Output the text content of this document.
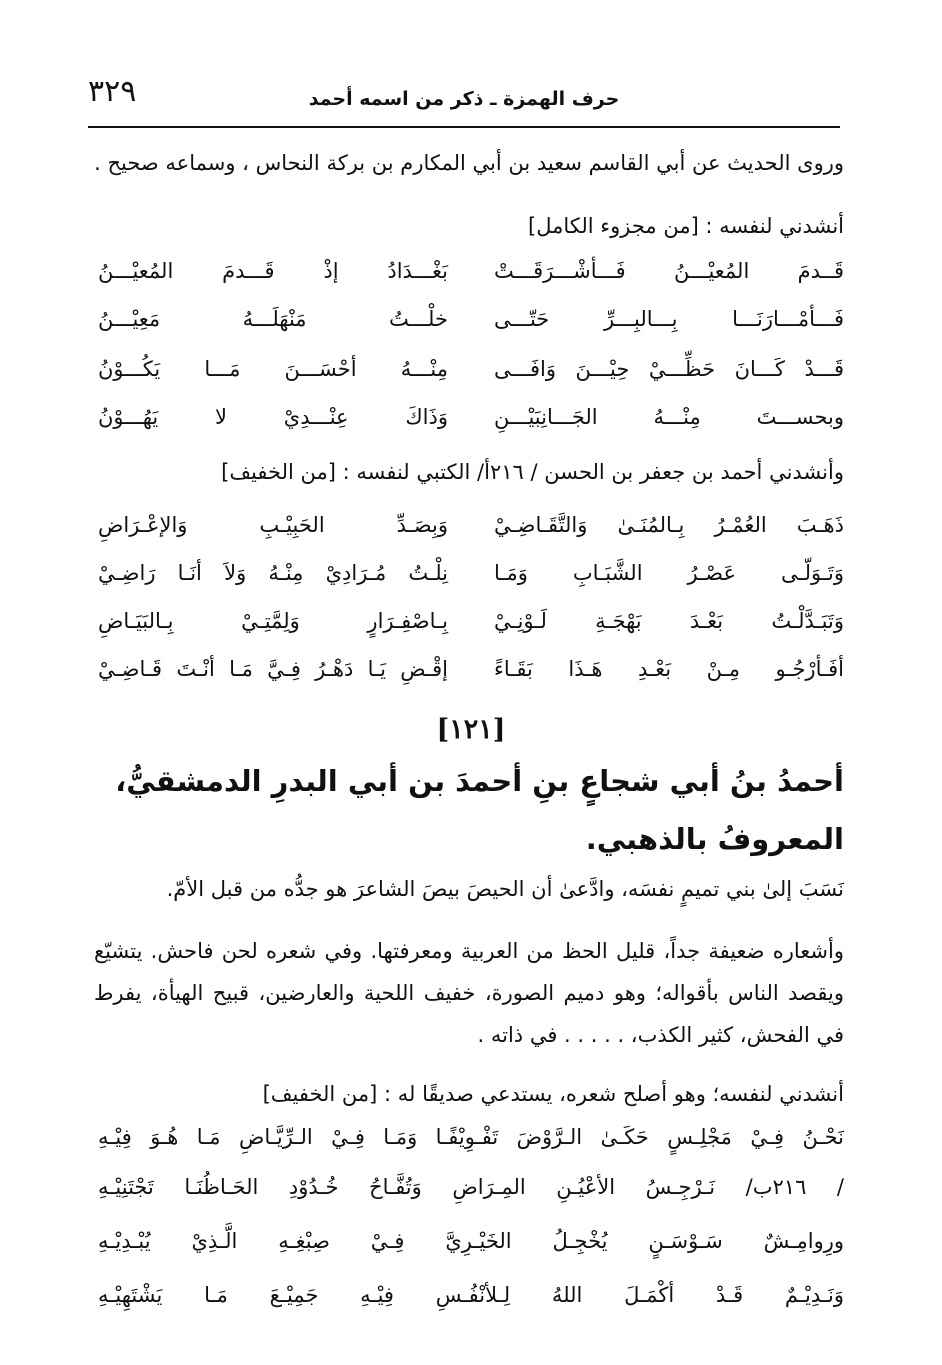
٣٢٩	حرف الهمزة ـ ذكر من اسمه أحمد
وروى الحديث عن أبي القاسم سعيد بن أبي المكارم بن بركة النحاس ، وسماعه صحيح .
أنشدني لنفسه : [من مجزوء الكامل]
قَــدمَ المُعيْـــنُ فَـــأشْـــرَقَـــتْ
بَغْـــدَادُ إذْ قَـــدمَ المُعيْـــنُ
فَـــأمْـــارَنَـــا بِـــالبِـــرِّ حَتّـــى
خلْـــتُ مَنْهَلَـــهُ مَعِيْـــنُ
قَـــدْ كَـــانَ حَظِّـــيْ حِيْـــنَ وَافَـــى
مِنْـــهُ أحْسَـــنَ مَـــا يَكُـــوْنُ
وبحســـتَ مِنْـــهُ الجَـــانِبَيْـــنِ
وَذَاكَ عِنْـــدِيْ لا يَهُـــوْنُ
وأنشدني أحمد بن جعفر بن الحسن / ٢١٦أ/ الكتبي لنفسه : [من الخفيف]
ذَهَـبَ العُمْـرُ بِـالمُنَـىٰ وَالتَّقَـاضِـيْ
وَبِصَـدِّ الحَبِيْـبِ وَالإعْـرَاضِ
وَتَـوَلّـى عَصْـرُ الشَّبَـابِ وَمَـا
نِلْـتُ مُـرَادِيْ مِنْـهُ وَلاَ أنَـا رَاضِـيْ
وَتَبَـدَّلْـتُ بَعْـدَ بَهْجَـةِ لَـوْنِـيْ
بِـاصْفِـرَارٍ وَلِمَّتِـيْ بِـالبَيَـاضِ
أفَـأرْجُـو مِـنْ بَعْـدِ هَـذَا بَقَـاءً
إقْـضِ يَـا دَهْـرُ فِـيَّ مَـا أنْـتَ قَـاضِـيْ
[١٢١]
أحمدُ بنُ أبي شجاعٍ بنِ أحمدَ بن أبي البدرِ الدمشقيُّ، المعروفُ بالذهبي.
نَسَبَ إلىٰ بني تميمٍ نفسَه، وادَّعىٰ أن الحيصَ بيصَ الشاعرَ هو جدُّه من قبل الأمّ.
وأشعاره ضعيفة جداً، قليل الحظ من العربية ومعرفتها. وفي شعره لحن فاحش. يتشيّع ويقصد الناس بأقواله؛ وهو دميم الصورة، خفيف اللحية والعارضين، قبيح الهيأة، يفرط في الفحش، كثير الكذب، . . . . . في ذاته .
أنشدني لنفسه؛ وهو أصلح شعره، يستدعي صديقًا له : [من الخفيف]
نَحْـنُ فِـيْ مَجْلِـسٍ حَكَـىٰ الـرَّوْضَ تَفْـوِيْفًـا وَمَـا فِـيْ الـرِّيَّـاضِ مَـا هُـوَ فِيْـهِ
/ ٢١٦ب/ نَـرْجِـسُ الأعْيُـنِ المِـرَاضِ وَتُفَّـاحُ خُـدُوْدِ الحَـاظُنَـا تَجْتَنِيْـهِ
ورِوامِـشٌ سَـوْسَـنٍ يُخْجِـلُ الخَيْـرِيَّ فِـيْ صِبْغِـهِ الَّـذِيْ يُبْـدِيْـهِ
وَنَـدِيْـمٌ قَـدْ أكْمَـلَ اللهُ لِـلأنْفُـسِ فِيْـهِ جَمِيْـعَ مَـا يَشْتَهِيْـهِ
